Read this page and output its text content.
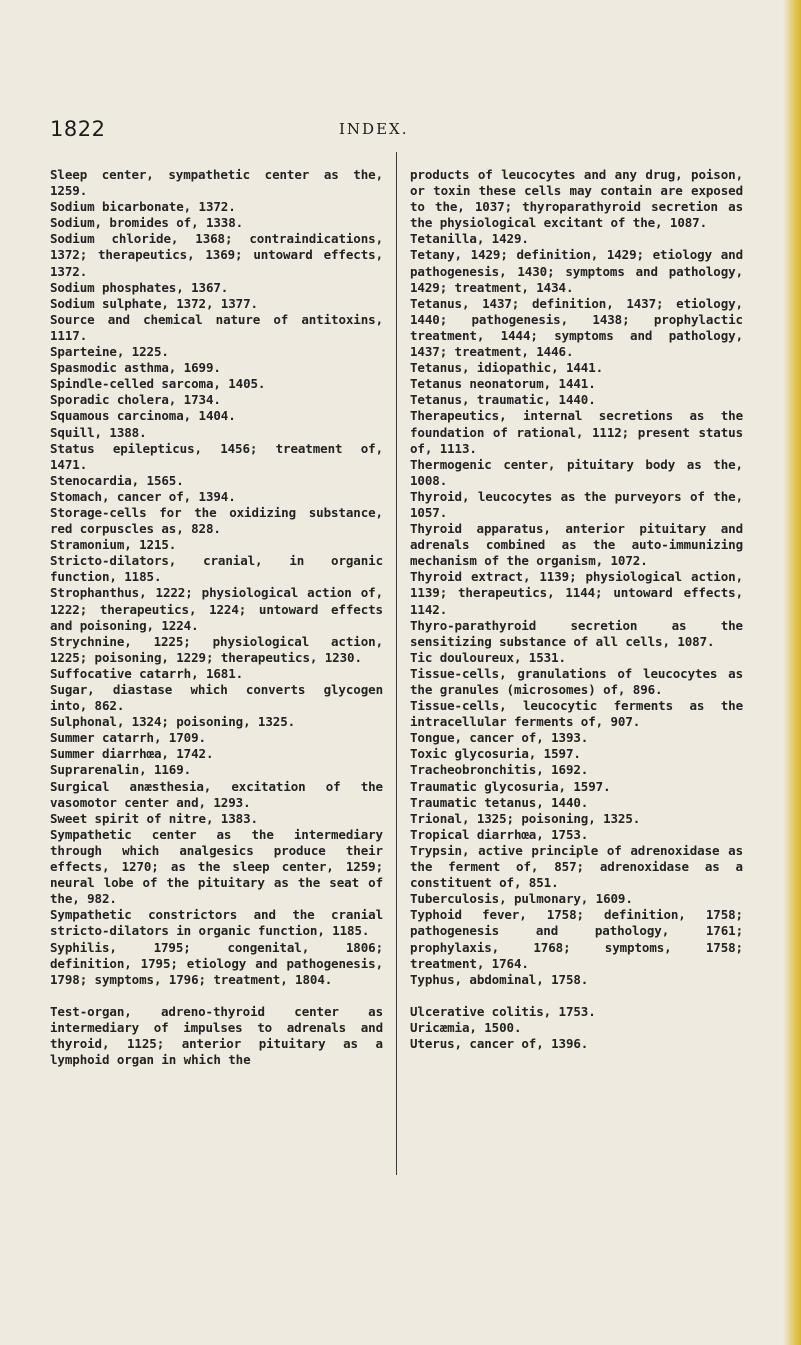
1822	INDEX.

Sleep center, sympathetic center as the, 1259.

Sodium bicarbonate, 1372.

Sodium, bromides of, 1338.

Sodium chloride, 1368; contraindications, 1372; therapeutics, 1369; untoward effects, 1372.

Sodium phosphates, 1367.

Sodium sulphate, 1372, 1377.

Source and chemical nature of antitoxins, 1117.

Sparteine, 1225.

Spasmodic asthma, 1699.

Spindle-celled sarcoma, 1405.

Sporadic cholera, 1734.

Squamous carcinoma, 1404.

Squill, 1388.

Status epilepticus, 1456; treatment of, 1471.

Stenocardia, 1565.

Stomach, cancer of, 1394.

Storage-cells for the oxidizing substance, red corpuscles as, 828.

Stramonium, 1215.

Stricto-dilators, cranial, in organic function, 1185.

Strophanthus, 1222; physiological action of, 1222; therapeutics, 1224; untoward effects and poisoning, 1224.

Strychnine, 1225; physiological action, 1225; poisoning, 1229; therapeutics, 1230.

Suffocative catarrh, 1681.

Sugar, diastase which converts glycogen into, 862.

Sulphonal, 1324; poisoning, 1325.

Summer catarrh, 1709.

Summer diarrhœa, 1742.

Suprarenalin, 1169.

Surgical anæsthesia, excitation of the vasomotor center and, 1293.

Sweet spirit of nitre, 1383.

Sympathetic center as the intermediary through which analgesics produce their effects, 1270; as the sleep center, 1259; neural lobe of the pituitary as the seat of the, 982.

Sympathetic constrictors and the cranial stricto-dilators in organic function, 1185.

Syphilis, 1795; congenital, 1806; definition, 1795; etiology and pathogenesis, 1798; symptoms, 1796; treatment, 1804.

Test-organ, adreno-thyroid center as intermediary of impulses to adrenals and thyroid, 1125; anterior pituitary as a lymphoid organ in which the

products of leucocytes and any drug, poison, or toxin these cells may contain are exposed to the, 1037; thyroparathyroid secretion as the physiological excitant of the, 1087.

Tetanilla, 1429.

Tetany, 1429; definition, 1429; etiology and pathogenesis, 1430; symptoms and pathology, 1429; treatment, 1434.

Tetanus, 1437; definition, 1437; etiology, 1440; pathogenesis, 1438; prophylactic treatment, 1444; symptoms and pathology, 1437; treatment, 1446.

Tetanus, idiopathic, 1441.

Tetanus neonatorum, 1441.

Tetanus, traumatic, 1440.

Therapeutics, internal secretions as the foundation of rational, 1112; present status of, 1113.

Thermogenic center, pituitary body as the, 1008.

Thyroid, leucocytes as the purveyors of the, 1057.

Thyroid apparatus, anterior pituitary and adrenals combined as the auto-immunizing mechanism of the organism, 1072.

Thyroid extract, 1139; physiological action, 1139; therapeutics, 1144; untoward effects, 1142.

Thyro-parathyroid secretion as the sensitizing substance of all cells, 1087.

Tic douloureux, 1531.

Tissue-cells, granulations of leucocytes as the granules (microsomes) of, 896.

Tissue-cells, leucocytic ferments as the intracellular ferments of, 907.

Tongue, cancer of, 1393.

Toxic glycosuria, 1597.

Tracheobronchitis, 1692.

Traumatic glycosuria, 1597.

Traumatic tetanus, 1440.

Trional, 1325; poisoning, 1325.

Tropical diarrhœa, 1753.

Trypsin, active principle of adrenoxidase as the ferment of, 857; adrenoxidase as a constituent of, 851.

Tuberculosis, pulmonary, 1609.

Typhoid fever, 1758; definition, 1758; pathogenesis and pathology, 1761; prophylaxis, 1768; symptoms, 1758; treatment, 1764.

Typhus, abdominal, 1758.

Ulcerative colitis, 1753.

Uricæmia, 1500.

Uterus, cancer of, 1396.
